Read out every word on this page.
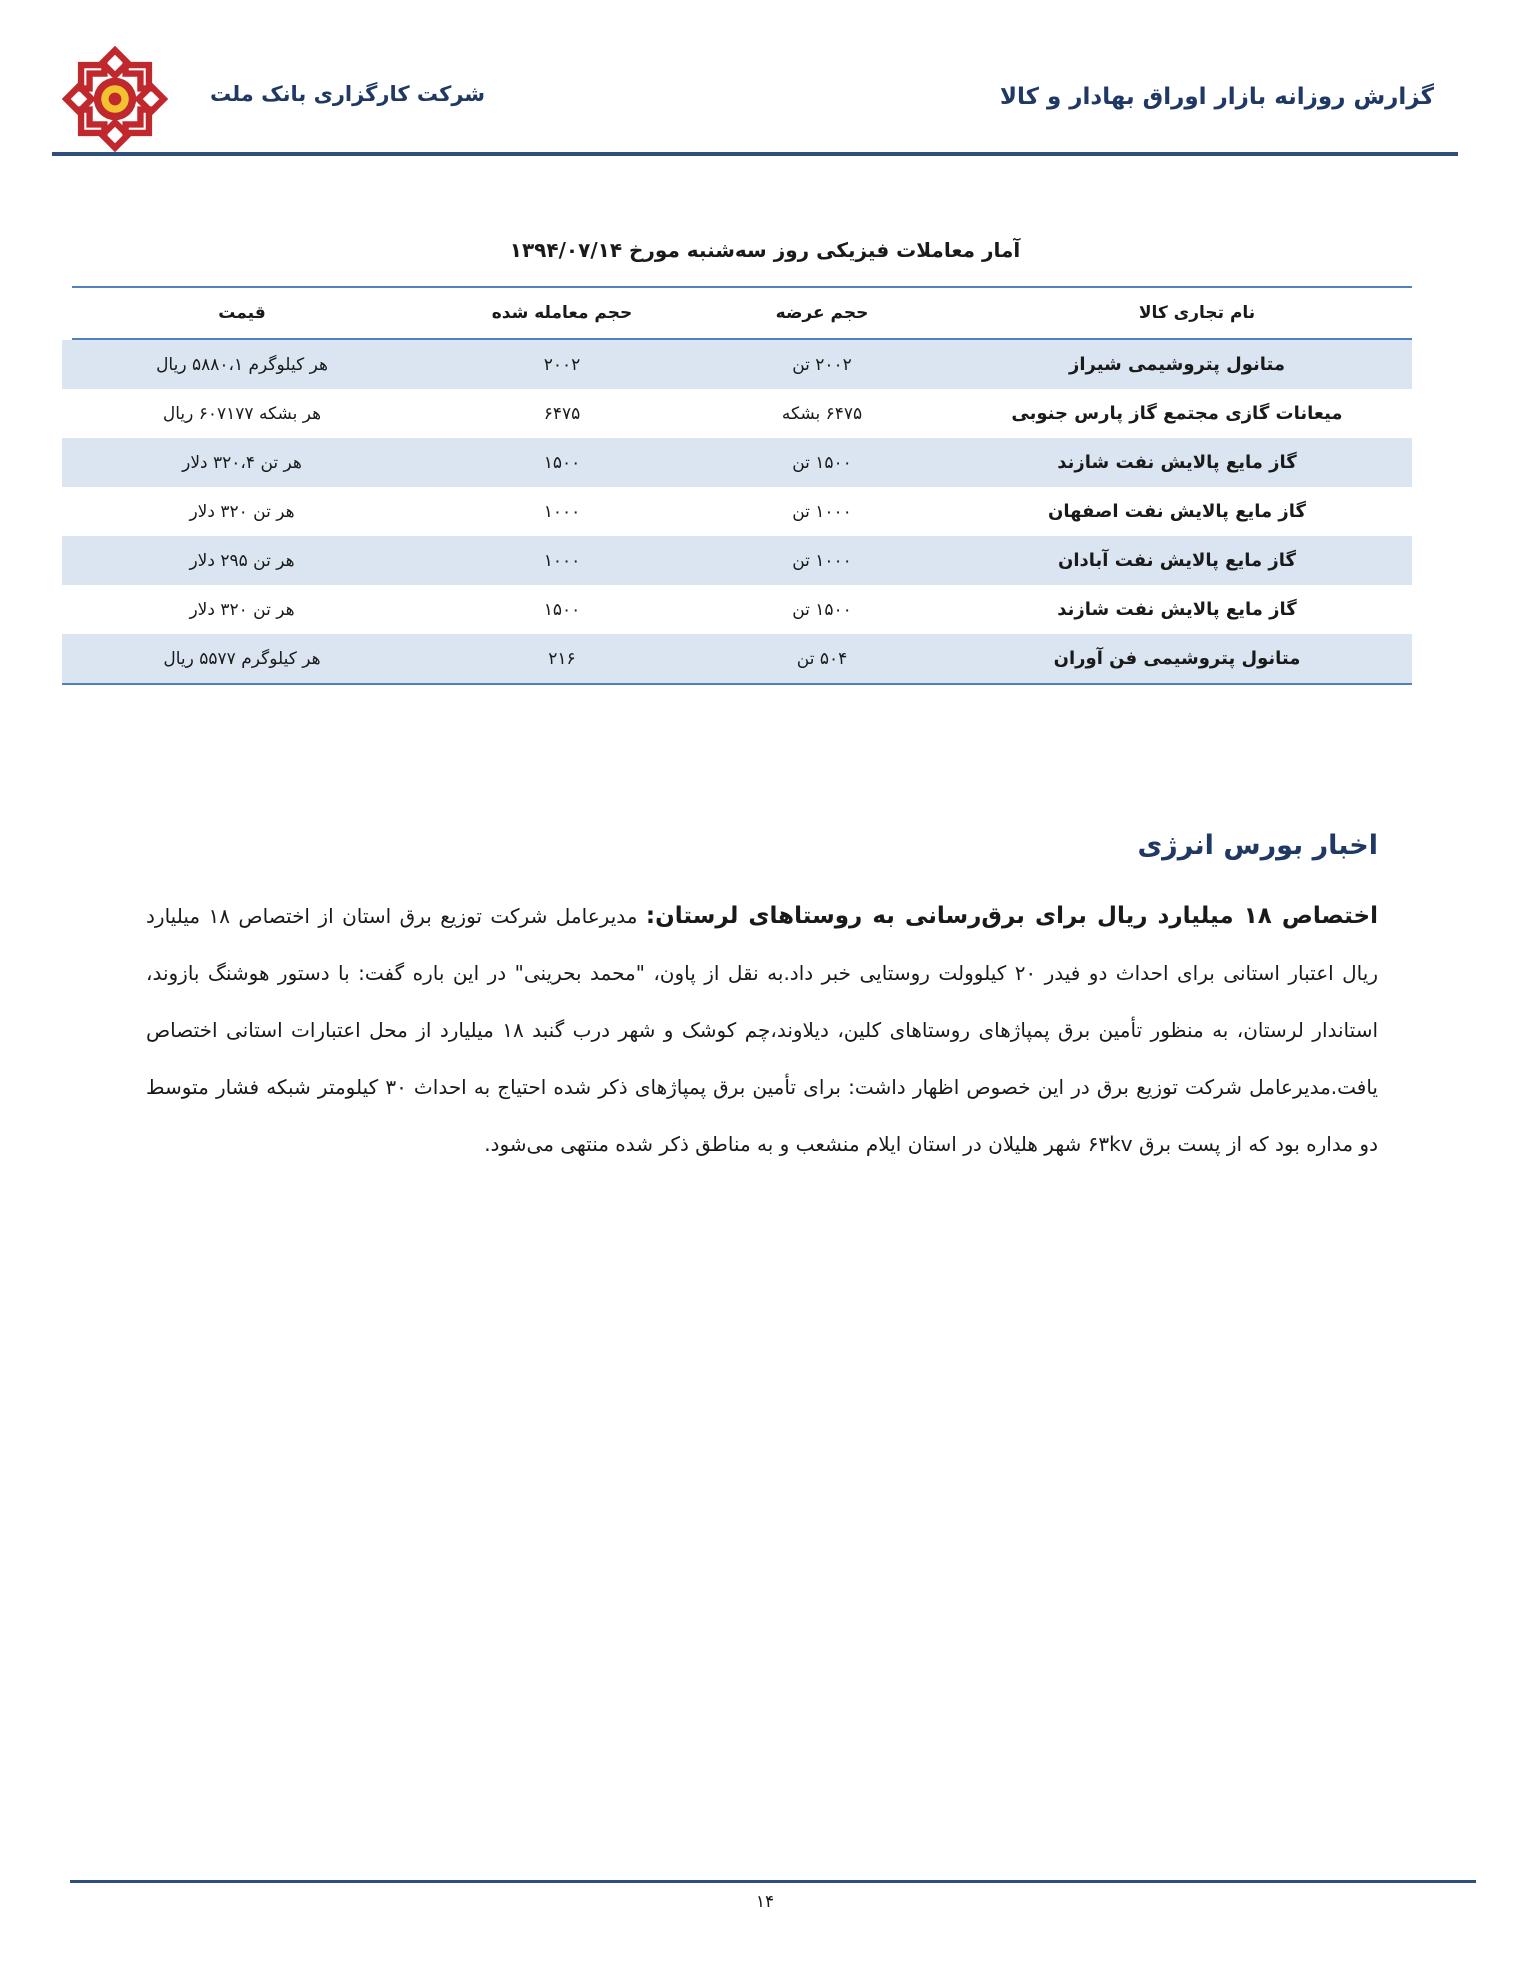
گزارش روزانه بازار اوراق بهادار و کالا
شرکت کارگزاری بانک ملت
آمار معاملات فیزیکی روز سه‌شنبه مورخ ۱۳۹۴/۰۷/۱۴
نام تجاری کالا
حجم عرضه
حجم معامله شده
قیمت
متانول پتروشیمی شیراز
۲۰۰۲ تن
۲۰۰۲
هر کیلوگرم ۵۸۸۰،۱ ریال
میعانات گازی مجتمع گاز پارس جنوبی
۶۴۷۵ بشکه
۶۴۷۵
هر بشکه ۶۰۷۱۷۷ ریال
گاز مایع پالایش نفت شازند
۱۵۰۰ تن
۱۵۰۰
هر تن ۳۲۰،۴ دلار
گاز مایع پالایش نفت اصفهان
۱۰۰۰ تن
۱۰۰۰
هر تن ۳۲۰ دلار
گاز مایع پالایش نفت آبادان
۱۰۰۰ تن
۱۰۰۰
هر تن ۲۹۵ دلار
گاز مایع پالایش نفت شازند
۱۵۰۰ تن
۱۵۰۰
هر تن ۳۲۰ دلار
متانول پتروشیمی فن آوران
۵۰۴ تن
۲۱۶
هر کیلوگرم ۵۵۷۷ ریال
اخبار بورس انرژی
اختصاص ۱۸ میلیارد ریال برای برق‌رسانی به روستاهای لرستان: مدیرعامل شرکت توزیع برق استان از اختصاص ۱۸ میلیارد ریال اعتبار استانی برای احداث دو فیدر ۲۰ کیلوولت روستایی خبر داد.به نقل از پاون، "محمد بحرینی" در این باره گفت: با دستور هوشنگ بازوند، استاندار لرستان، به منظور تأمین برق پمپاژهای روستاهای کلین، دیلاوند،چم کوشک و شهر درب گنبد ۱۸ میلیارد از محل اعتبارات استانی اختصاص یافت.مدیرعامل شرکت توزیع برق در این خصوص اظهار داشت: برای تأمین برق پمپاژهای ذکر شده احتیاج به احداث ۳۰ کیلومتر شبکه فشار متوسط دو مداره بود که از پست برق ۶۳kv شهر هلیلان در استان ایلام منشعب و به مناطق ذکر شده منتهی می‌شود.
۱۴
